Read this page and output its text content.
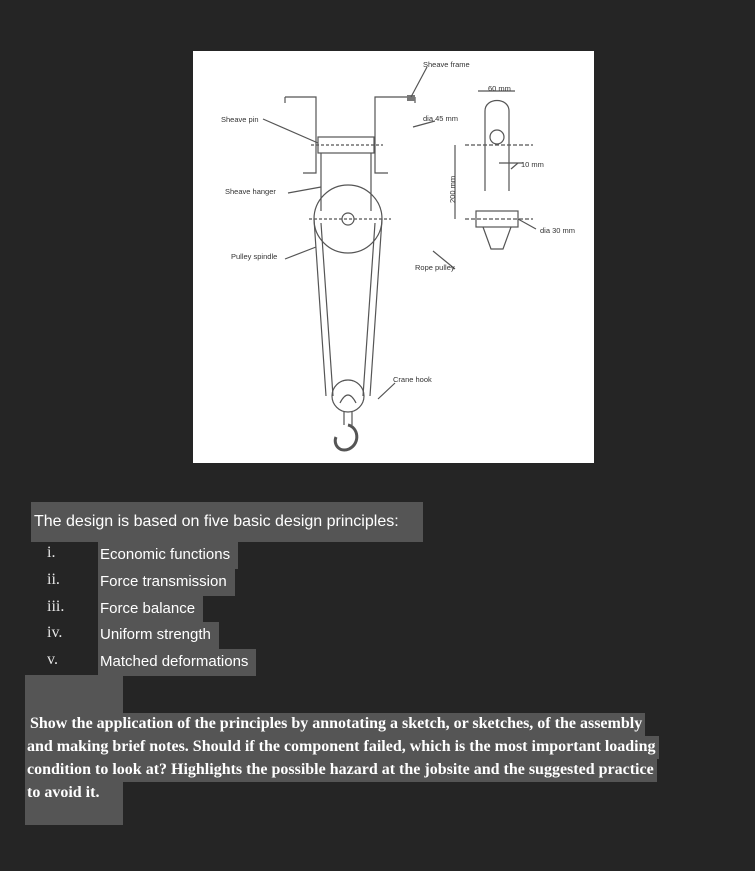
Sheave frame
Sheave pin	dia 45 mm
60 mm
10 mm
Sheave hanger	200 mm
dia 30 mm
Pulley spindle
Rope pulley
Crane hook
The design is based on five basic design principles:
i.	Economic functions
ii.	Force transmission
iii. Force balance
iv.	Uniform strength
v.	Matched deformations
Show the application of the principles by annotating a sketch, or sketches, of the assembly
and making brief notes. Should if the component failed, which is the most important loading
condition to look at? Highlights the possible hazard at the jobsite and the suggested practice
to avoid it.
